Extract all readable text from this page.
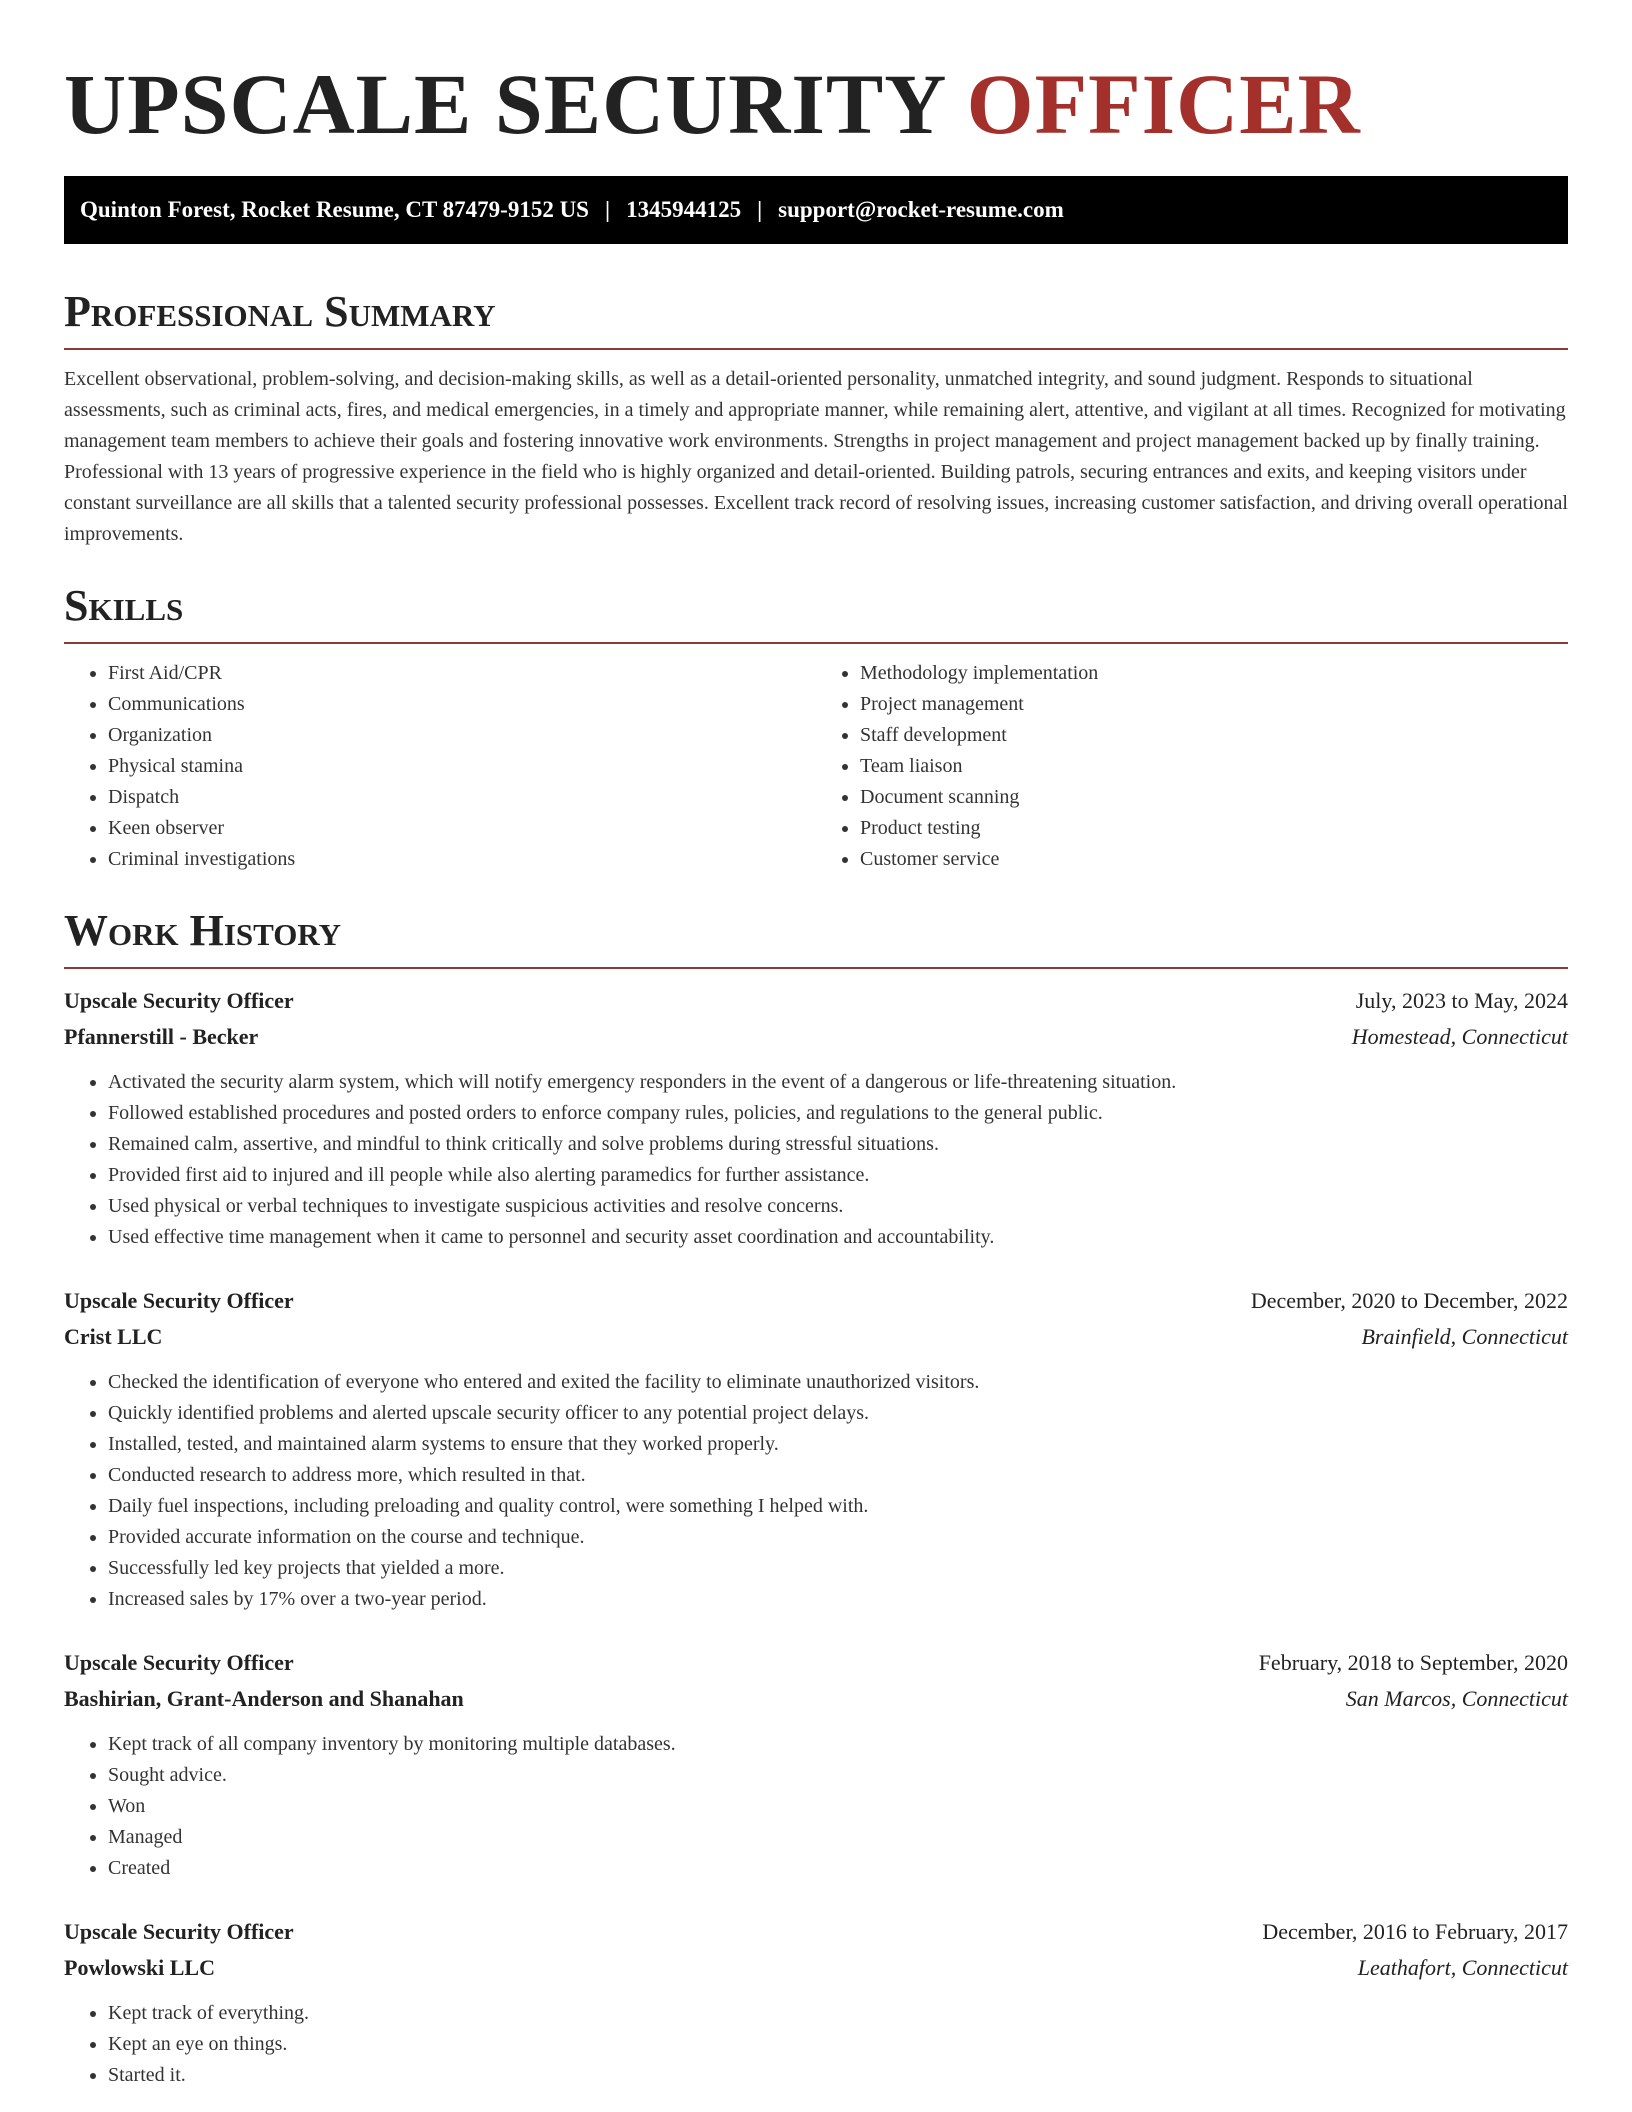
UPSCALE SECURITY OFFICER
Quinton Forest, Rocket Resume, CT 87479-9152 US | 1345944125 | support@rocket-resume.com
Professional Summary

Excellent observational, problem-solving, and decision-making skills, as well as a detail-oriented personality, unmatched integrity, and sound judgment. Responds to situational assessments, such as criminal acts, fires, and medical emergencies, in a timely and appropriate manner, while remaining alert, attentive, and vigilant at all times. Recognized for motivating management team members to achieve their goals and fostering innovative work environments. Strengths in project management and project management backed up by finally training. Professional with 13 years of progressive experience in the field who is highly organized and detail-oriented. Building patrols, securing entrances and exits, and keeping visitors under constant surveillance are all skills that a talented security professional possesses. Excellent track record of resolving issues, increasing customer satisfaction, and driving overall operational improvements.

Skills
• First Aid/CPR
• Communications
• Organization
• Physical stamina
• Dispatch
• Keen observer
• Criminal investigations
• Methodology implementation
• Project management
• Staff development
• Team liaison
• Document scanning
• Product testing
• Customer service
Work History
Upscale Security Officer	July, 2023 to May, 2024
Pfannerstill - Becker	Homestead, Connecticut
• Activated the security alarm system, which will notify emergency responders in the event of a dangerous or life-threatening situation.
• Followed established procedures and posted orders to enforce company rules, policies, and regulations to the general public.
• Remained calm, assertive, and mindful to think critically and solve problems during stressful situations.
• Provided first aid to injured and ill people while also alerting paramedics for further assistance.
• Used physical or verbal techniques to investigate suspicious activities and resolve concerns.
• Used effective time management when it came to personnel and security asset coordination and accountability.
Upscale Security Officer	December, 2020 to December, 2022
Crist LLC	Brainfield, Connecticut
• Checked the identification of everyone who entered and exited the facility to eliminate unauthorized visitors.
• Quickly identified problems and alerted upscale security officer to any potential project delays.
• Installed, tested, and maintained alarm systems to ensure that they worked properly.
• Conducted research to address more, which resulted in that.
• Daily fuel inspections, including preloading and quality control, were something I helped with.
• Provided accurate information on the course and technique.
• Successfully led key projects that yielded a more.
• Increased sales by 17% over a two-year period.
Upscale Security Officer	February, 2018 to September, 2020
Bashirian, Grant-Anderson and Shanahan	San Marcos, Connecticut
• Kept track of all company inventory by monitoring multiple databases.
• Sought advice.
• Won
• Managed
• Created
Upscale Security Officer	December, 2016 to February, 2017
Powlowski LLC	Leathafort, Connecticut
• Kept track of everything.
• Kept an eye on things.
• Started it.
